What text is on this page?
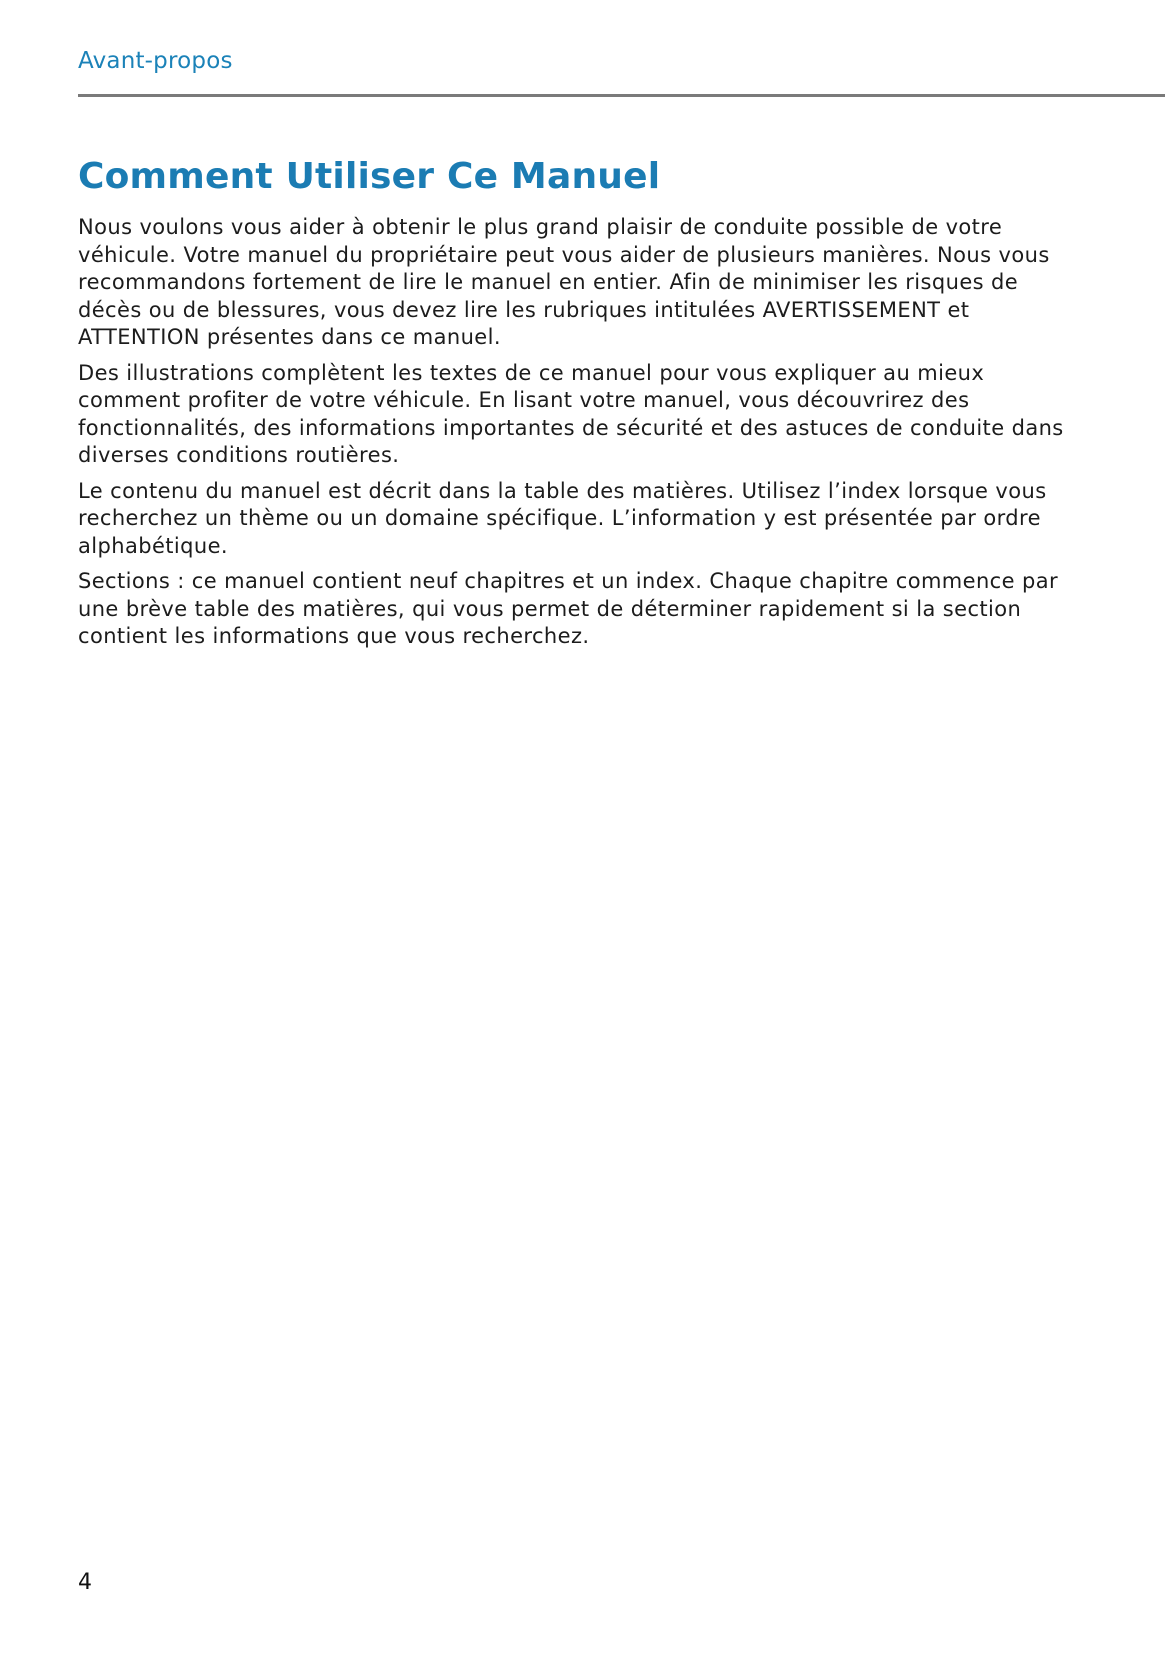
Avant-propos
Comment Utiliser Ce Manuel

Nous voulons vous aider à obtenir le plus grand plaisir de conduite possible de votre véhicule. Votre manuel du propriétaire peut vous aider de plusieurs manières. Nous vous recommandons fortement de lire le manuel en entier. Afin de minimiser les risques de décès ou de blessures, vous devez lire les rubriques intitulées AVERTISSEMENT et ATTENTION présentes dans ce manuel.

Des illustrations complètent les textes de ce manuel pour vous expliquer au mieux comment profiter de votre véhicule. En lisant votre manuel, vous découvrirez des fonctionnalités, des informations importantes de sécurité et des astuces de conduite dans diverses conditions routières.

Le contenu du manuel est décrit dans la table des matières. Utilisez l’index lorsque vous recherchez un thème ou un domaine spécifique. L’information y est présentée par ordre alphabétique.

Sections : ce manuel contient neuf chapitres et un index. Chaque chapitre commence par une brève table des matières, qui vous permet de déterminer rapidement si la section contient les informations que vous recherchez.

4
